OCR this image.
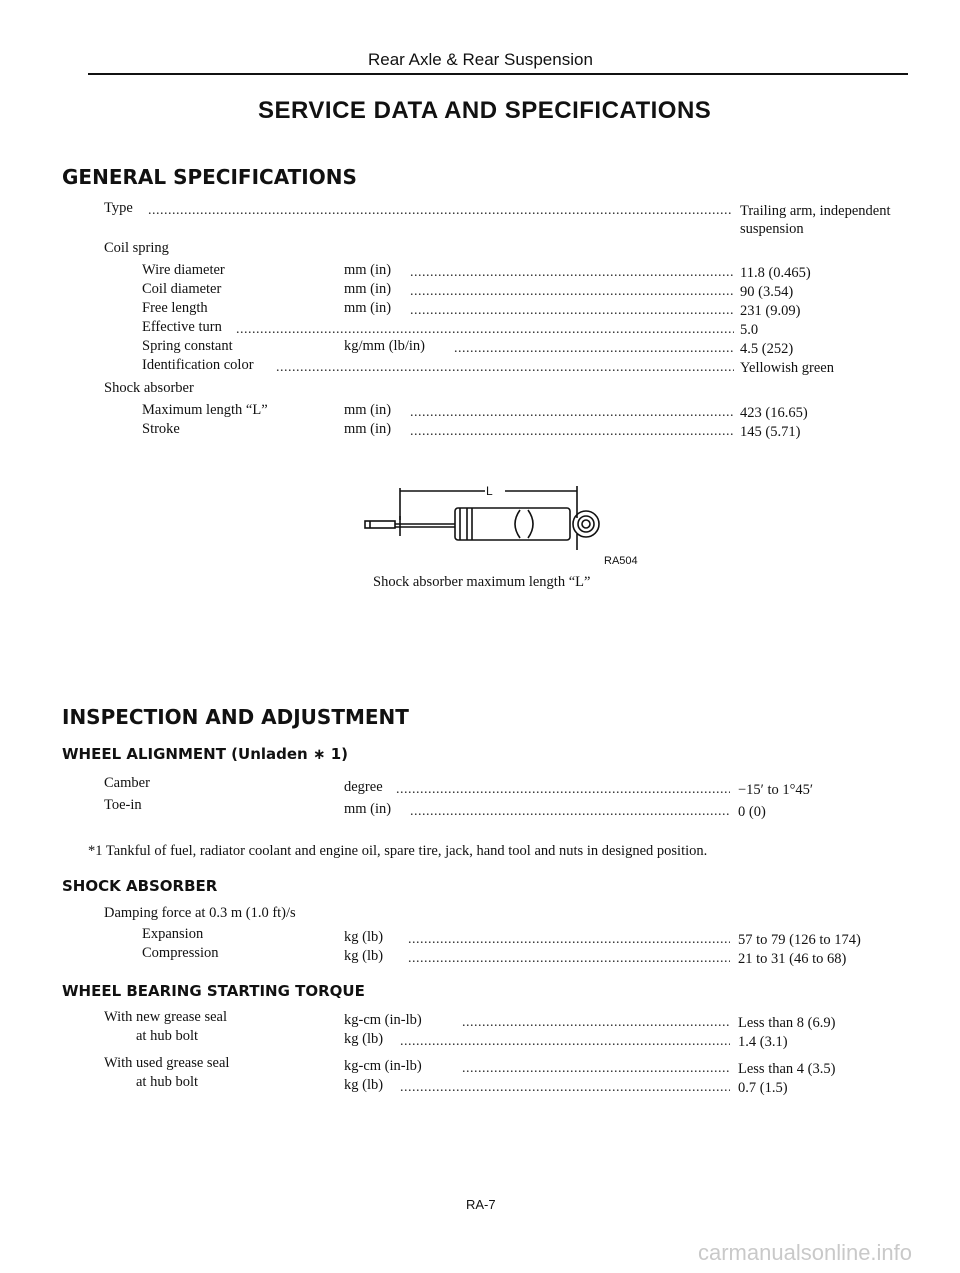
Rear Axle & Rear Suspension
SERVICE DATA AND SPECIFICATIONS
GENERAL SPECIFICATIONS
Type .....	Trailing arm, independent
suspension
Coil spring
Wire diameter	mm (in) .....	11.8 (0.465)
Coil diameter	mm (in) .....	90 (3.54)
Free length	mm (in) .....	231 (9.09)
Effective turn .....	5.0
Spring constant	kg/mm (lb/in) .....	4.5 (252)
Identification color .....	Yellowish green
Shock absorber
Maximum length “L”	mm (in) .....	423 (16.65)
Stroke	mm (in) .....	145 (5.71)
L
RA504
Shock absorber maximum length “L”
INSPECTION AND ADJUSTMENT
WHEEL ALIGNMENT (Unladen ∗ 1)
Camber	degree .....	−15′ to 1°45′
Toe-in	mm (in) .....	0 (0)
*1 Tankful of fuel, radiator coolant and engine oil, spare tire, jack, hand tool and nuts in designed position.
SHOCK ABSORBER
Damping force at 0.3 m (1.0 ft)/s
Expansion	kg (lb) .....	57 to 79 (126 to 174)
Compression	kg (lb) .....	21 to 31 (46 to 68)
WHEEL BEARING STARTING TORQUE
With new grease seal	kg-cm (in-lb) .....	Less than 8 (6.9)
at hub bolt	kg (lb) .....	1.4 (3.1)
With used grease seal	kg-cm (in-lb) .....	Less than 4 (3.5)
at hub bolt	kg (lb) .....	0.7 (1.5)
RA-7
carmanualsonline.info
